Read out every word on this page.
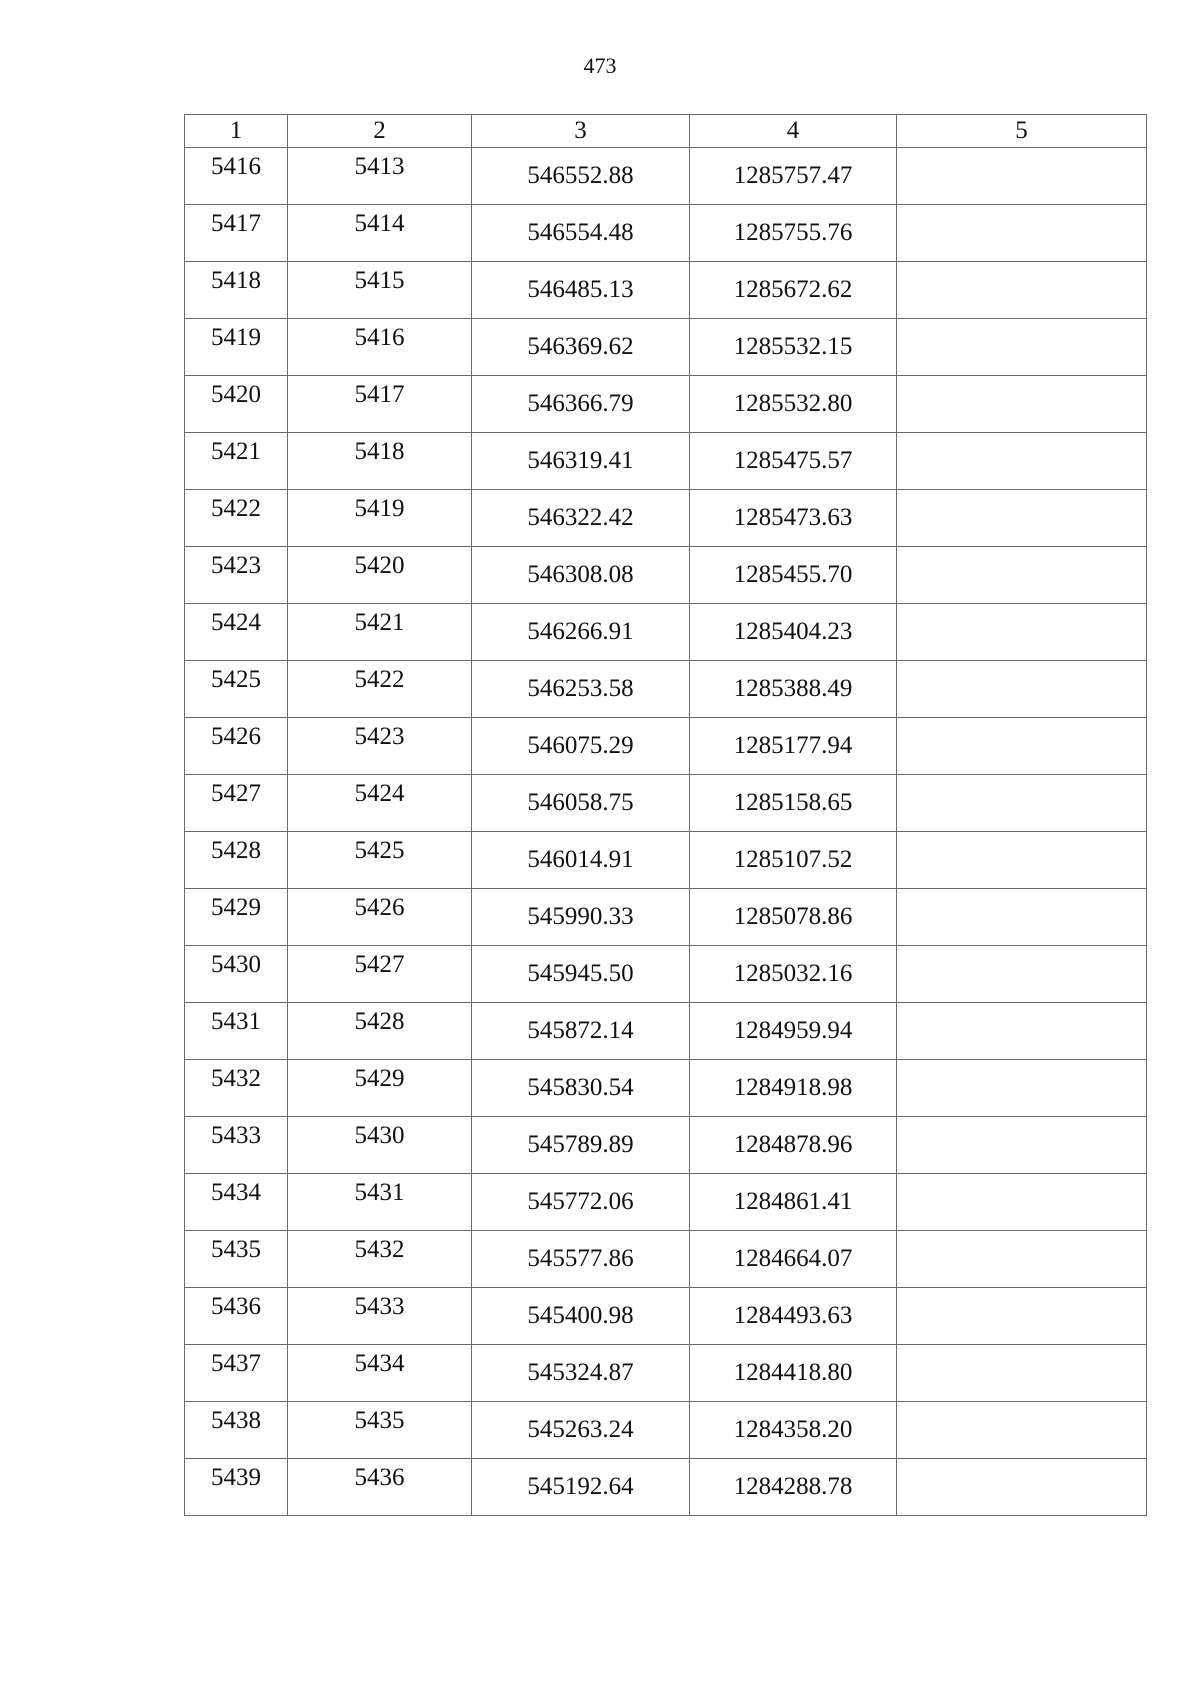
473
1	2	3	4	5

5416	5413	546552.88	1285757.47	

5417	5414	546554.48	1285755.76	

5418	5415	546485.13	1285672.62	

5419	5416	546369.62	1285532.15	

5420	5417	546366.79	1285532.80	

5421	5418	546319.41	1285475.57	

5422	5419	546322.42	1285473.63	

5423	5420	546308.08	1285455.70	

5424	5421	546266.91	1285404.23	

5425	5422	546253.58	1285388.49	

5426	5423	546075.29	1285177.94	

5427	5424	546058.75	1285158.65	

5428	5425	546014.91	1285107.52	

5429	5426	545990.33	1285078.86	

5430	5427	545945.50	1285032.16	

5431	5428	545872.14	1284959.94	

5432	5429	545830.54	1284918.98	

5433	5430	545789.89	1284878.96	

5434	5431	545772.06	1284861.41	

5435	5432	545577.86	1284664.07	

5436	5433	545400.98	1284493.63	

5437	5434	545324.87	1284418.80	

5438	5435	545263.24	1284358.20	

5439	5436	545192.64	1284288.78	
